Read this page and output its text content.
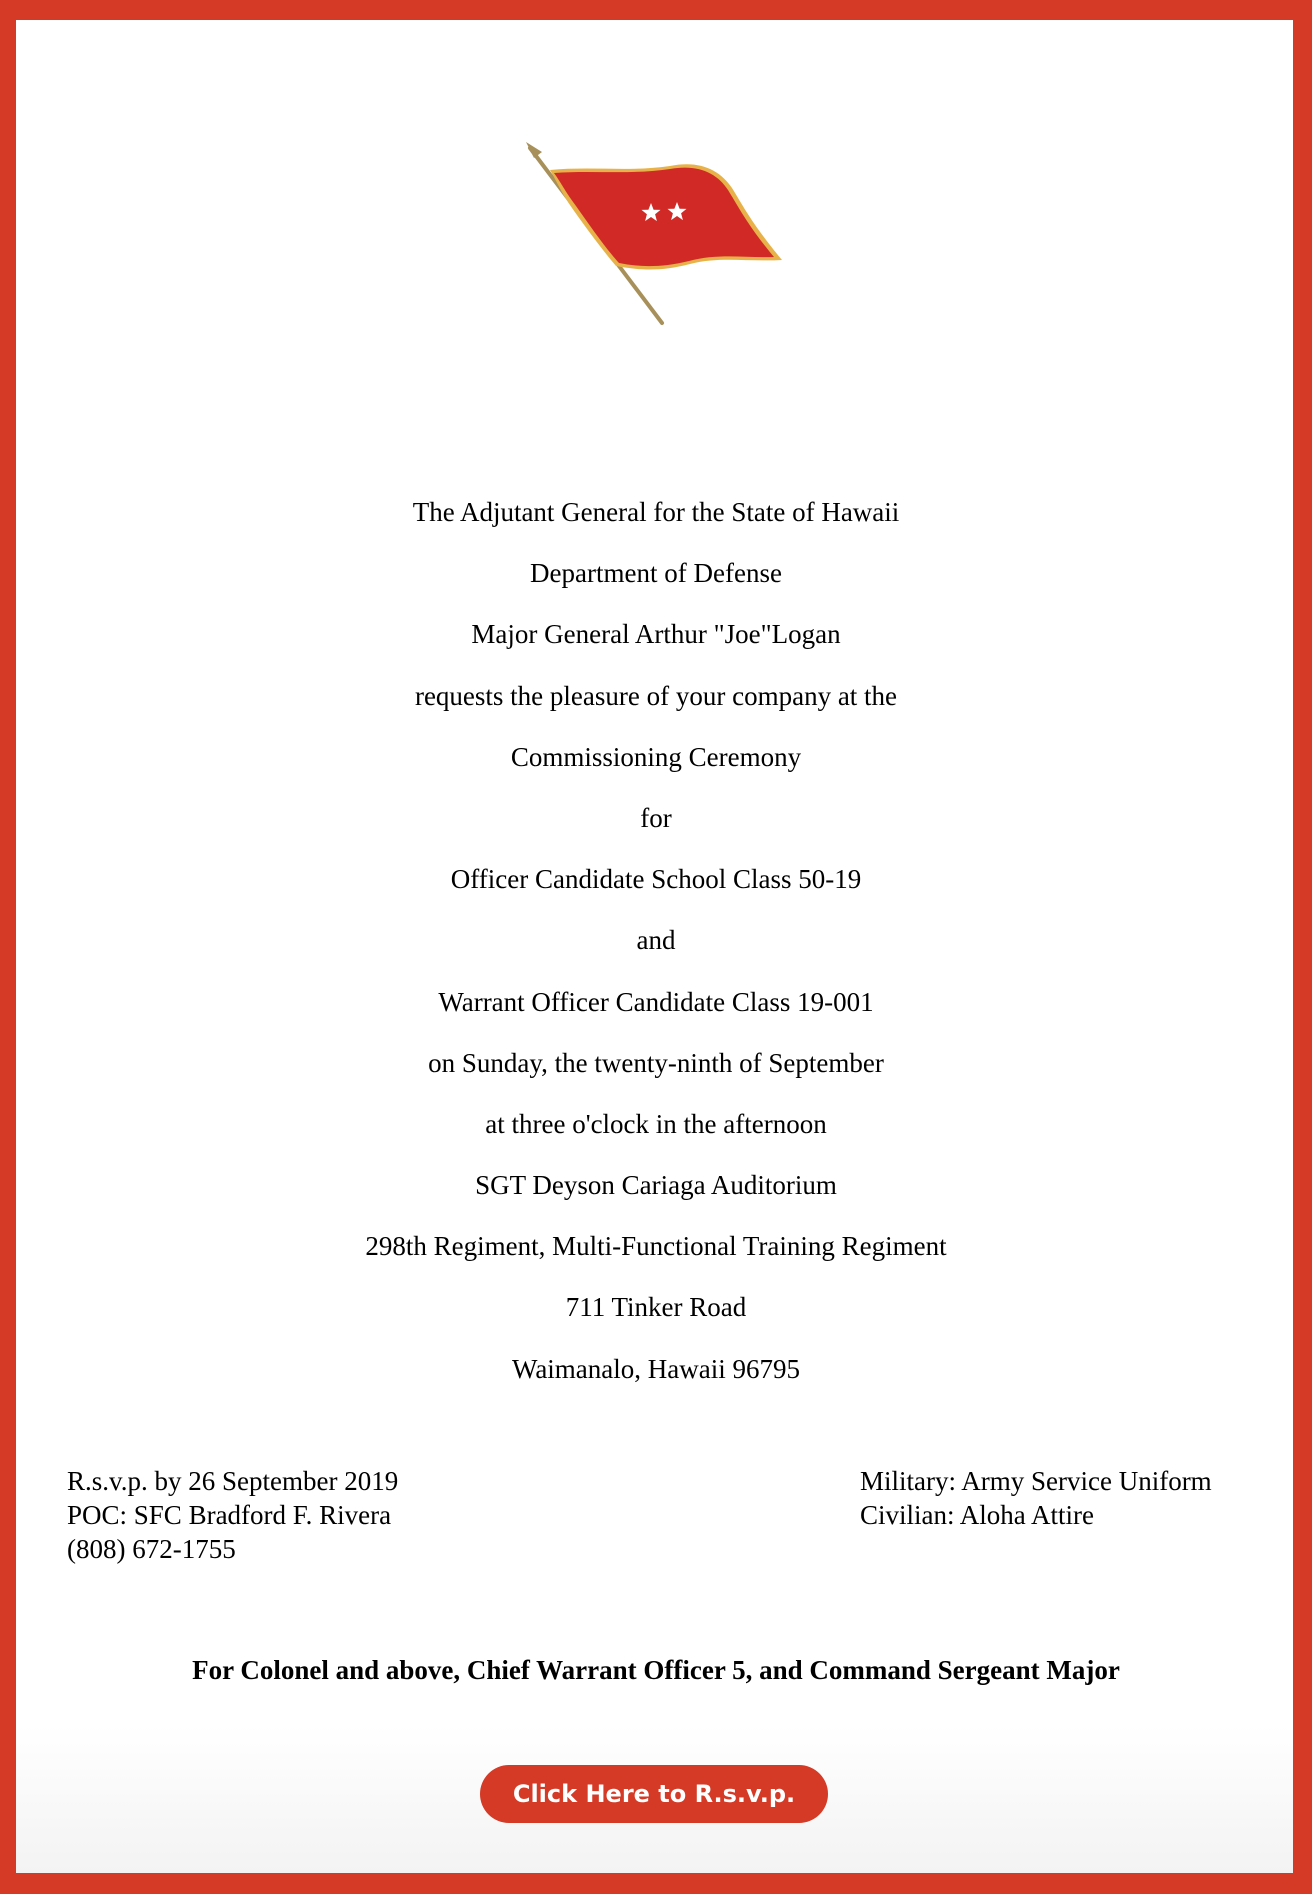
The Adjutant General for the State of Hawaii
Department of Defense
Major General Arthur "Joe"Logan
requests the pleasure of your company at the
Commissioning Ceremony
for
Officer Candidate School Class 50-19
and
Warrant Officer Candidate Class 19-001
on Sunday, the twenty-ninth of September
at three o'clock in the afternoon
SGT Deyson Cariaga Auditorium
298th Regiment, Multi-Functional Training Regiment
711 Tinker Road
Waimanalo, Hawaii 96795
R.s.v.p. by 26 September 2019
POC: SFC Bradford F. Rivera
(808) 672-1755
Military: Army Service Uniform
Civilian: Aloha Attire
For Colonel and above, Chief Warrant Officer 5, and Command Sergeant Major
Click Here to R.s.v.p.
